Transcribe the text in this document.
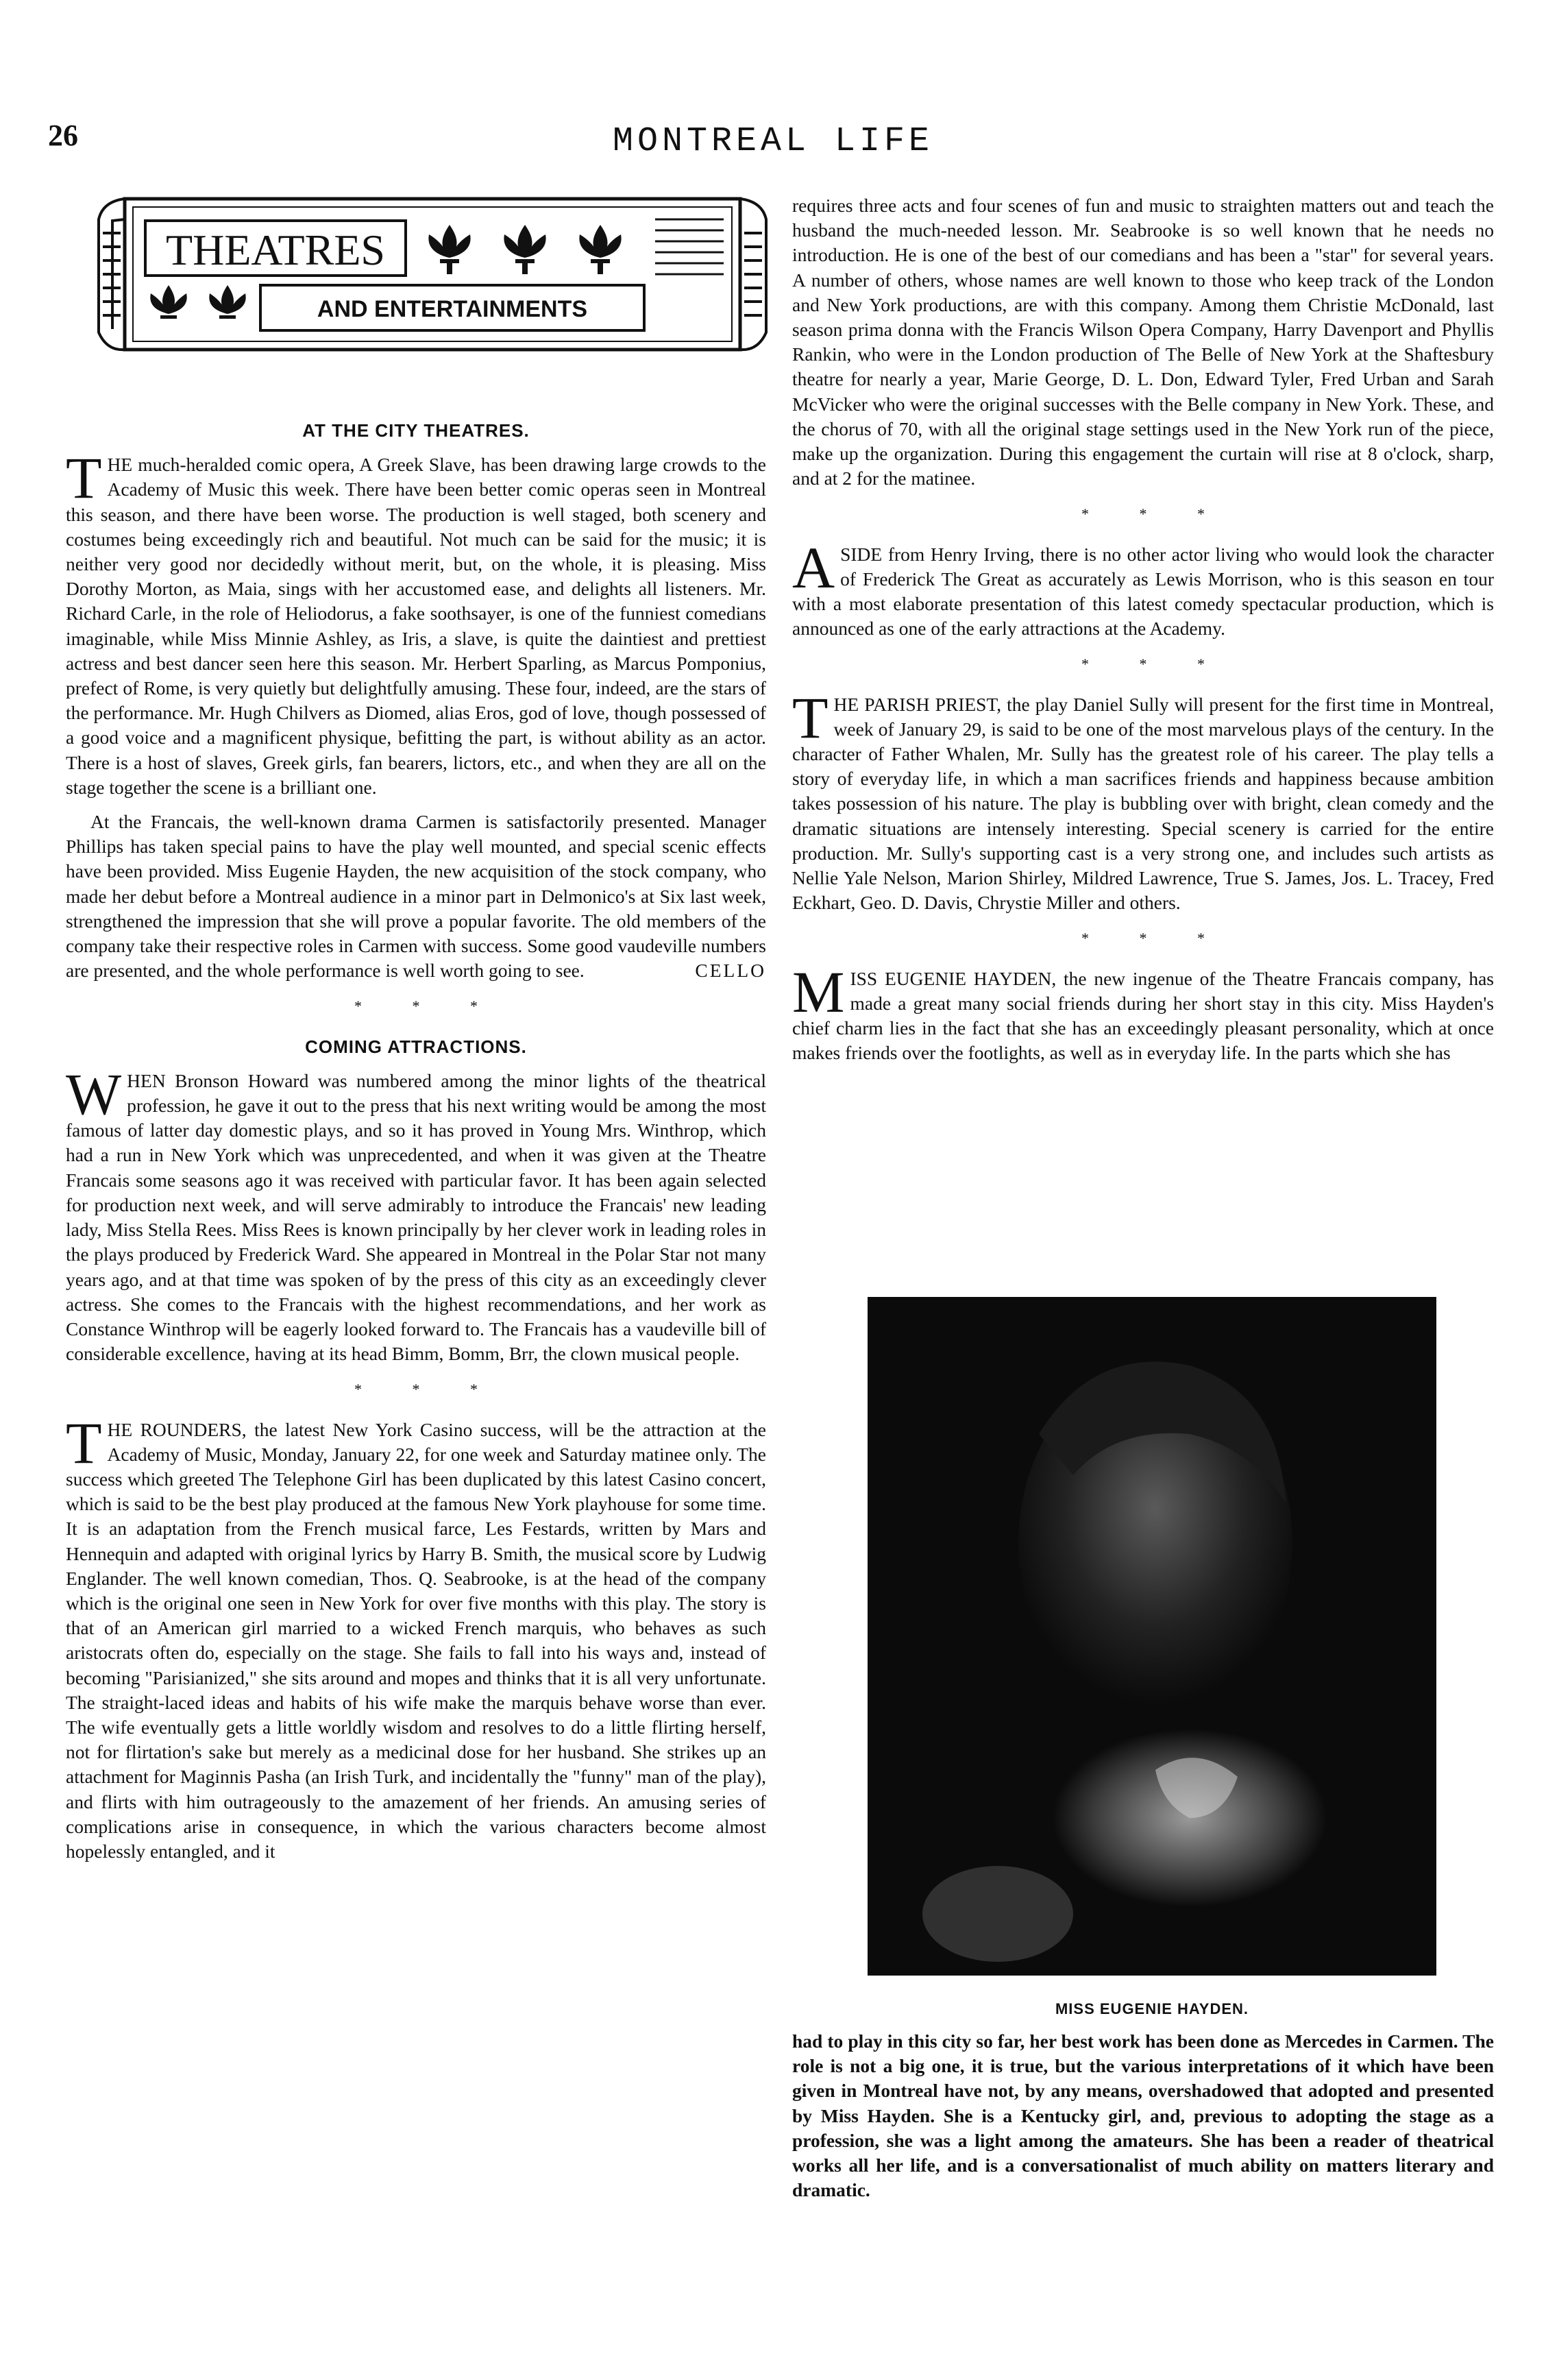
26	MONTREAL LIFE
THEATRES
AND ENTERTAINMENTS
AT THE CITY THEATRES.

THE much-heralded comic opera, A Greek Slave, has been drawing large crowds to the Academy of Music this week. There have been better comic operas seen in Montreal this season, and there have been worse. The production is well staged, both scenery and costumes being exceedingly rich and beautiful. Not much can be said for the music; it is neither very good nor decidedly without merit, but, on the whole, it is pleasing. Miss Dorothy Morton, as Maia, sings with her accustomed ease, and delights all listeners. Mr. Richard Carle, in the role of Heliodorus, a fake soothsayer, is one of the funniest comedians imaginable, while Miss Minnie Ashley, as Iris, a slave, is quite the daintiest and prettiest actress and best dancer seen here this season. Mr. Herbert Sparling, as Marcus Pomponius, prefect of Rome, is very quietly but delightfully amusing. These four, indeed, are the stars of the performance. Mr. Hugh Chilvers as Diomed, alias Eros, god of love, though possessed of a good voice and a magnificent physique, befitting the part, is without ability as an actor. There is a host of slaves, Greek girls, fan bearers, lictors, etc., and when they are all on the stage together the scene is a brilliant one.

At the Francais, the well-known drama Carmen is satisfactorily presented. Manager Phillips has taken special pains to have the play well mounted, and special scenic effects have been provided. Miss Eugenie Hayden, the new acquisition of the stock company, who made her debut before a Montreal audience in a minor part in Delmonico's at Six last week, strengthened the impression that she will prove a popular favorite. The old members of the company take their respective roles in Carmen with success. Some good vaudeville numbers are presented, and the whole performance is well worth going to see.	CELLO

* * *
COMING ATTRACTIONS.

WHEN Bronson Howard was numbered among the minor lights of the theatrical profession, he gave it out to the press that his next writing would be among the most famous of latter day domestic plays, and so it has proved in Young Mrs. Winthrop, which had a run in New York which was unprecedented, and when it was given at the Theatre Francais some seasons ago it was received with particular favor. It has been again selected for production next week, and will serve admirably to introduce the Francais' new leading lady, Miss Stella Rees. Miss Rees is known principally by her clever work in leading roles in the plays produced by Frederick Ward. She appeared in Montreal in the Polar Star not many years ago, and at that time was spoken of by the press of this city as an exceedingly clever actress. She comes to the Francais with the highest recommendations, and her work as Constance Winthrop will be eagerly looked forward to. The Francais has a vaudeville bill of considerable excellence, having at its head Bimm, Bomm, Brr, the clown musical people.

* * *

THE ROUNDERS, the latest New York Casino success, will be the attraction at the Academy of Music, Monday, January 22, for one week and Saturday matinee only. The success which greeted The Telephone Girl has been duplicated by this latest Casino concert, which is said to be the best play produced at the famous New York playhouse for some time. It is an adaptation from the French musical farce, Les Festards, written by Mars and Hennequin and adapted with original lyrics by Harry B. Smith, the musical score by Ludwig Englander. The well known comedian, Thos. Q. Seabrooke, is at the head of the company which is the original one seen in New York for over five months with this play. The story is that of an American girl married to a wicked French marquis, who behaves as such aristocrats often do, especially on the stage. She fails to fall into his ways and, instead of becoming "Parisianized," she sits around and mopes and thinks that it is all very unfortunate. The straight-laced ideas and habits of his wife make the marquis behave worse than ever. The wife eventually gets a little worldly wisdom and resolves to do a little flirting herself, not for flirtation's sake but merely as a medicinal dose for her husband. She strikes up an attachment for Maginnis Pasha (an Irish Turk, and incidentally the "funny" man of the play), and flirts with him outrageously to the amazement of her friends. An amusing series of complications arise in consequence, in which the various characters become almost hopelessly entangled, and it

requires three acts and four scenes of fun and music to straighten matters out and teach the husband the much-needed lesson. Mr. Seabrooke is so well known that he needs no introduction. He is one of the best of our comedians and has been a "star" for several years. A number of others, whose names are well known to those who keep track of the London and New York productions, are with this company. Among them Christie McDonald, last season prima donna with the Francis Wilson Opera Company, Harry Davenport and Phyllis Rankin, who were in the London production of The Belle of New York at the Shaftesbury theatre for nearly a year, Marie George, D. L. Don, Edward Tyler, Fred Urban and Sarah McVicker who were the original successes with the Belle company in New York. These, and the chorus of 70, with all the original stage settings used in the New York run of the piece, make up the organization. During this engagement the curtain will rise at 8 o'clock, sharp, and at 2 for the matinee.

* * *

ASIDE from Henry Irving, there is no other actor living who would look the character of Frederick The Great as accurately as Lewis Morrison, who is this season en tour with a most elaborate presentation of this latest comedy spectacular production, which is announced as one of the early attractions at the Academy.

* * *

THE PARISH PRIEST, the play Daniel Sully will present for the first time in Montreal, week of January 29, is said to be one of the most marvelous plays of the century. In the character of Father Whalen, Mr. Sully has the greatest role of his career. The play tells a story of everyday life, in which a man sacrifices friends and happiness because ambition takes possession of his nature. The play is bubbling over with bright, clean comedy and the dramatic situations are intensely interesting. Special scenery is carried for the entire production. Mr. Sully's supporting cast is a very strong one, and includes such artists as Nellie Yale Nelson, Marion Shirley, Mildred Lawrence, True S. James, Jos. L. Tracey, Fred Eckhart, Geo. D. Davis, Chrystie Miller and others.

* * *

MISS EUGENIE HAYDEN, the new ingenue of the Theatre Francais company, has made a great many social friends during her short stay in this city. Miss Hayden's chief charm lies in the fact that she has an exceedingly pleasant personality, which at once makes friends over the footlights, as well as in everyday life. In the parts which she has

MISS EUGENIE HAYDEN.
had to play in this city so far, her best work has been done as Mercedes in Carmen. The role is not a big one, it is true, but the various interpretations of it which have been given in Montreal have not, by any means, overshadowed that adopted and presented by Miss Hayden. She is a Kentucky girl, and, previous to adopting the stage as a profession, she was a light among the amateurs. She has been a reader of theatrical works all her life, and is a conversationalist of much ability on matters literary and dramatic.
